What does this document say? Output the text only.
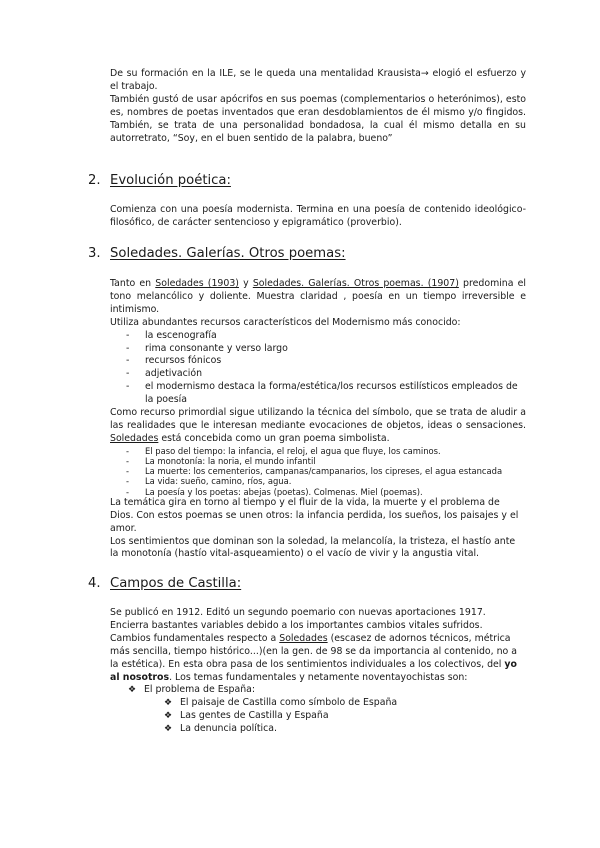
De su formación en la ILE, se le queda una mentalidad Krausista→ elogió el esfuerzo y el trabajo.

También gustó de usar apócrifos en sus poemas (complementarios o heterónimos), esto es, nombres de poetas inventados que eran desdoblamientos de él mismo y/o fingidos. También, se trata de una personalidad bondadosa, la cual él mismo detalla en su autorretrato, “Soy, en el buen sentido de la palabra, bueno”

2. Evolución poética:

Comienza con una poesía modernista. Termina en una poesía de contenido ideológico-filosófico, de carácter sentencioso y epigramático (proverbio).

3. Soledades. Galerías. Otros poemas:

Tanto en Soledades (1903) y Soledades. Galerías. Otros poemas. (1907) predomina el tono melancólico y doliente. Muestra claridad , poesía en un tiempo irreversible e intimismo.

Utiliza abundantes recursos característicos del Modernismo más conocido:

- la escenografía
- rima consonante y verso largo
- recursos fónicos
- adjetivación
- el modernismo destaca la forma/estética/los recursos estilísticos empleados de la poesía

Como recurso primordial sigue utilizando la técnica del símbolo, que se trata de aludir a las realidades que le interesan mediante evocaciones de objetos, ideas o sensaciones. Soledades está concebida como un gran poema simbolista.

- El paso del tiempo: la infancia, el reloj, el agua que fluye, los caminos.
- La monotonía: la noria, el mundo infantil
- La muerte: los cementerios, campanas/campanarios, los cipreses, el agua estancada
- La vida: sueño, camino, ríos, agua.
- La poesía y los poetas: abejas (poetas). Colmenas. Miel (poemas).

La temática gira en torno al tiempo y el fluir de la vida, la muerte y el problema de Dios. Con estos poemas se unen otros: la infancia perdida, los sueños, los paisajes y el amor.

Los sentimientos que dominan son la soledad, la melancolía, la tristeza, el hastío ante la monotonía (hastío vital-asqueamiento) o el vacío de vivir y la angustia vital.

4. Campos de Castilla:

Se publicó en 1912. Editó un segundo poemario con nuevas aportaciones 1917. Encierra bastantes variables debido a los importantes cambios vitales sufridos. Cambios fundamentales respecto a Soledades (escasez de adornos técnicos, métrica más sencilla, tiempo histórico...)(en la gen. de 98 se da importancia al contenido, no a la estética). En esta obra pasa de los sentimientos individuales a los colectivos, del yo al nosotros. Los temas fundamentales y netamente noventayochistas son:

❖ El problema de España:
❖ El paisaje de Castilla como símbolo de España
❖ Las gentes de Castilla y España
❖ La denuncia política.
